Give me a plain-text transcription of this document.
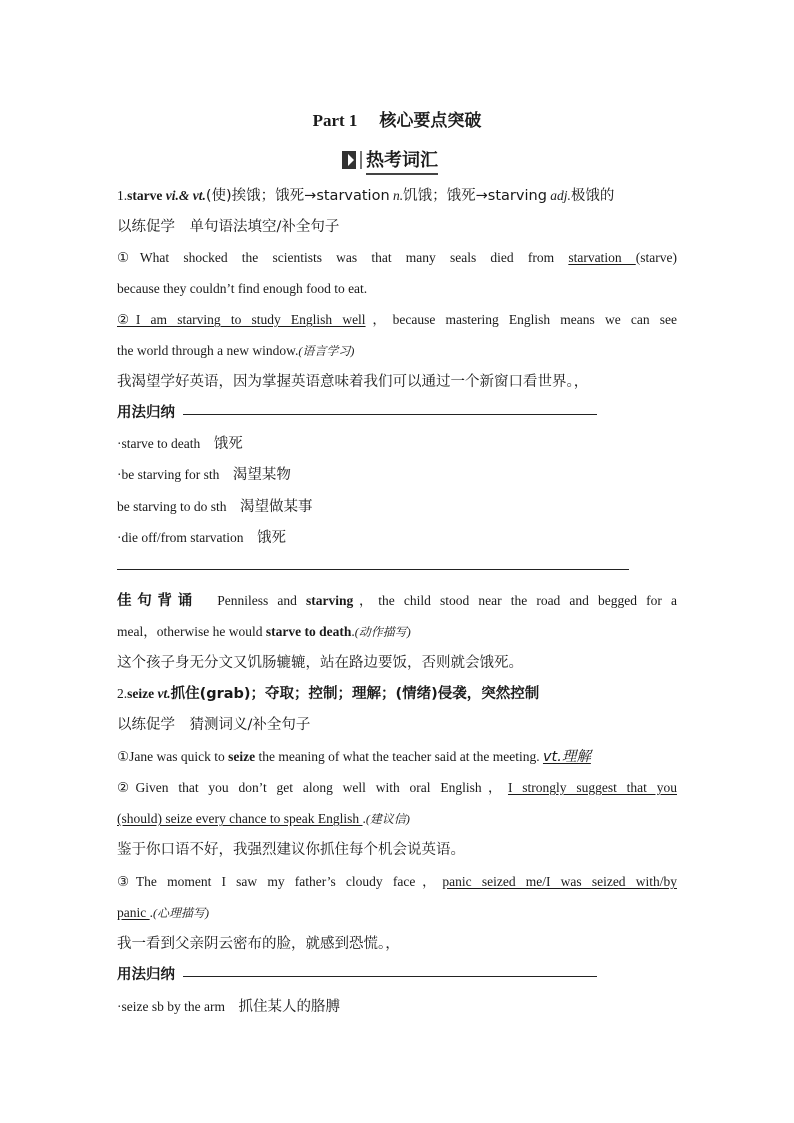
Part 1 核心要点突破
热考词汇
1.starve vi.& vt.(使)挨饿；饿死→starvation n.饥饿；饿死→starving adj.极饿的
以练促学　单句语法填空/补全句子
①What shocked the scientists was that many seals died from starvation (starve)
because they couldn’t find enough food to eat.
②I am starving to study English well，because mastering English means we can see
the world through a new window.(语言学习)
我渴望学好英语，因为掌握英语意味着我们可以通过一个新窗口看世界。，
用法归纳
·starve to death　 饿死
·be starving for sth　 渴望某物
be starving to do sth　 渴望做某事
·die off/from starvation　 饿死
佳句背诵　 Penniless and starving，the child stood near the road and begged for a
meal，otherwise he would starve to death.(动作描写)
这个孩子身无分文又饥肠辘辘，站在路边要饭，否则就会饿死。
2.seize vt.抓住(grab)；夺取；控制；理解；(情绪)侵袭，突然控制
以练促学　猜测词义/补全句子
①Jane was quick to seize the meaning of what the teacher said at the meeting. vt.理解
②Given that you don’t get along well with oral English，I strongly suggest that you
(should) seize every chance to speak English .(建议信)
鉴于你口语不好，我强烈建议你抓住每个机会说英语。
③The moment I saw my father’s cloudy face，panic seized me/I was seized with/by
panic .(心理描写)
我一看到父亲阴云密布的脸，就感到恐慌。，
用法归纳
·seize sb by the arm　 抓住某人的胳膊
